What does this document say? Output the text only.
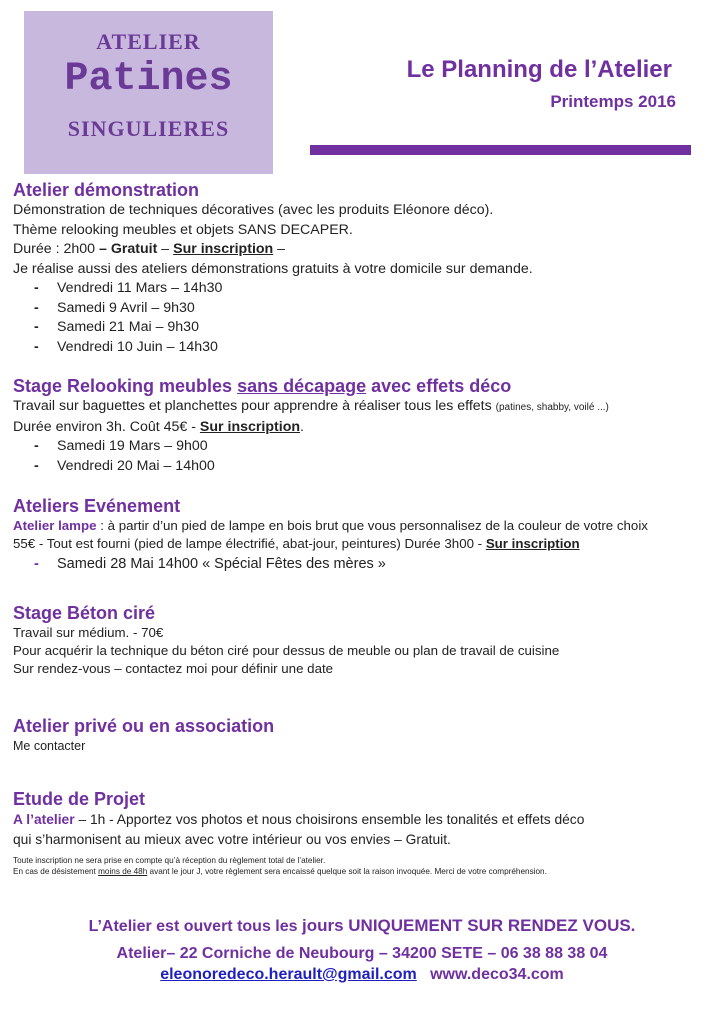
ATELIER
Patines
SINGULIERES
Le Planning de l’Atelier
Printemps 2016
Atelier démonstration
Démonstration de techniques décoratives (avec les produits Eléonore déco).
Thème relooking meubles et objets SANS DECAPER.
Durée : 2h00 – Gratuit – Sur inscription –
Je réalise aussi des ateliers démonstrations gratuits à votre domicile sur demande.
- Vendredi 11 Mars – 14h30
- Samedi 9 Avril – 9h30
- Samedi 21 Mai – 9h30
- Vendredi 10 Juin – 14h30
Stage Relooking meubles sans décapage avec effets déco
Travail sur baguettes et planchettes pour apprendre à réaliser tous les effets (patines, shabby, voilé ...)
Durée environ 3h. Coût 45€ - Sur inscription.
- Samedi 19 Mars – 9h00
- Vendredi 20 Mai – 14h00
Ateliers Evénement
Atelier lampe : à partir d’un pied de lampe en bois brut que vous personnalisez de la couleur de votre choix
55€ - Tout est fourni (pied de lampe électrifié, abat-jour, peintures) Durée 3h00 - Sur inscription
- Samedi 28 Mai 14h00 « Spécial Fêtes des mères »
Stage Béton ciré
Travail sur médium. - 70€
Pour acquérir la technique du béton ciré pour dessus de meuble ou plan de travail de cuisine
Sur rendez-vous – contactez moi pour définir une date
Atelier privé ou en association
Me contacter
Etude de Projet
A l’atelier – 1h - Apportez vos photos et nous choisirons ensemble les tonalités et effets déco
qui s’harmonisent au mieux avec votre intérieur ou vos envies – Gratuit.
Toute inscription ne sera prise en compte qu’à réception du règlement total de l’atelier.
En cas de désistement moins de 48h avant le jour J, votre règlement sera encaissé quelque soit la raison invoquée. Merci de votre compréhension.
L’Atelier est ouvert tous les jours UNIQUEMENT SUR RENDEZ VOUS.
Atelier– 22 Corniche de Neubourg – 34200 SETE – 06 38 88 38 04
eleonoredeco.herault@gmail.com www.deco34.com
